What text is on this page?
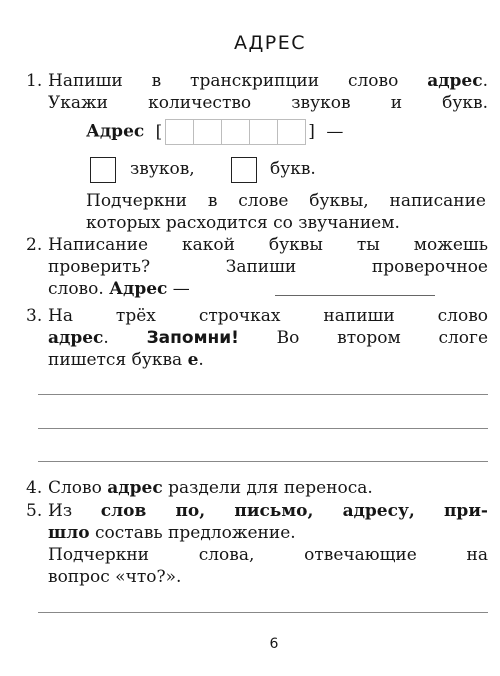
АДРЕС
1. Напиши в транскрипции слово адрес.
Укажи количество звуков и букв.
Адрес [	] —
звуков,	букв.
Подчеркни в слове буквы, написание
которых расходится со звучанием.
2. Написание какой буквы ты можешь
проверить? Запиши проверочное
слово. Адрес —
3. На трёх строчках напиши слово
адрес. Запомни! Во втором слоге
пишется буква е.
4. Слово адрес раздели для переноса.
5. Из слов по, письмо, адресу, при-
шло составь предложение.
Подчеркни слова, отвечающие на
вопрос «что?».
6
